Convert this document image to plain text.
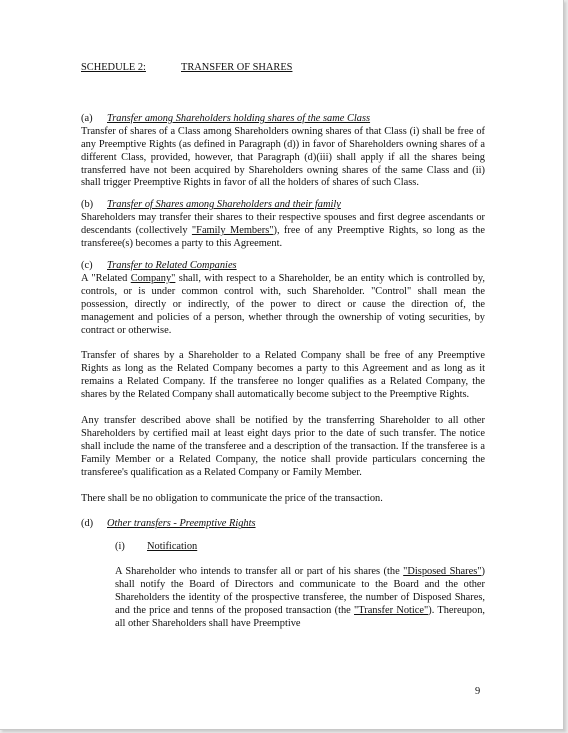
SCHEDULE 2:	TRANSFER OF SHARES
(a)	Transfer among Shareholders holding shares of the same Class

Transfer of shares of a Class among Shareholders owning shares of that Class (i) shall be free of any Preemptive Rights (as defined in Paragraph (d)) in favor of Shareholders owning shares of a different Class, provided, however, that Paragraph (d)(iii) shall apply if all the shares being transferred have not been acquired by Shareholders owning shares of the same Class and (ii) shall trigger Preemptive Rights in favor of all the holders of shares of such Class.

(b)	Transfer of Shares among Shareholders and their family

Shareholders may transfer their shares to their respective spouses and first degree ascendants or descendants (collectively "Family Members"), free of any Preemptive Rights, so long as the transferee(s) becomes a party to this Agreement.

(c)	Transfer to Related Companies

A "Related Company" shall, with respect to a Shareholder, be an entity which is controlled by, controls, or is under common control with, such Shareholder. "Control" shall mean the possession, directly or indirectly, of the power to direct or cause the direction of, the management and policies of a person, whether through the ownership of voting securities, by contract or otherwise.

Transfer of shares by a Shareholder to a Related Company shall be free of any Preemptive Rights as long as the Related Company becomes a party to this Agreement and as long as it remains a Related Company. If the transferee no longer qualifies as a Related Company, the shares by the Related Company shall automatically become subject to the Preemptive Rights.

Any transfer described above shall be notified by the transferring Shareholder to all other Shareholders by certified mail at least eight days prior to the date of such transfer. The notice shall include the name of the transferee and a description of the transaction. If the transferee is a Family Member or a Related Company, the notice shall provide particulars concerning the transferee's qualification as a Related Company or Family Member.

There shall be no obligation to communicate the price of the transaction.

(d)	Other transfers - Preemptive Rights
(i)	Notification

A Shareholder who intends to transfer all or part of his shares (the "Disposed Shares") shall notify the Board of Directors and communicate to the Board and the other Shareholders the identity of the prospective transferee, the number of Disposed Shares, and the price and tenns of the proposed transaction (the "Transfer Notice"). Thereupon, all other Shareholders shall have Preemptive

9
